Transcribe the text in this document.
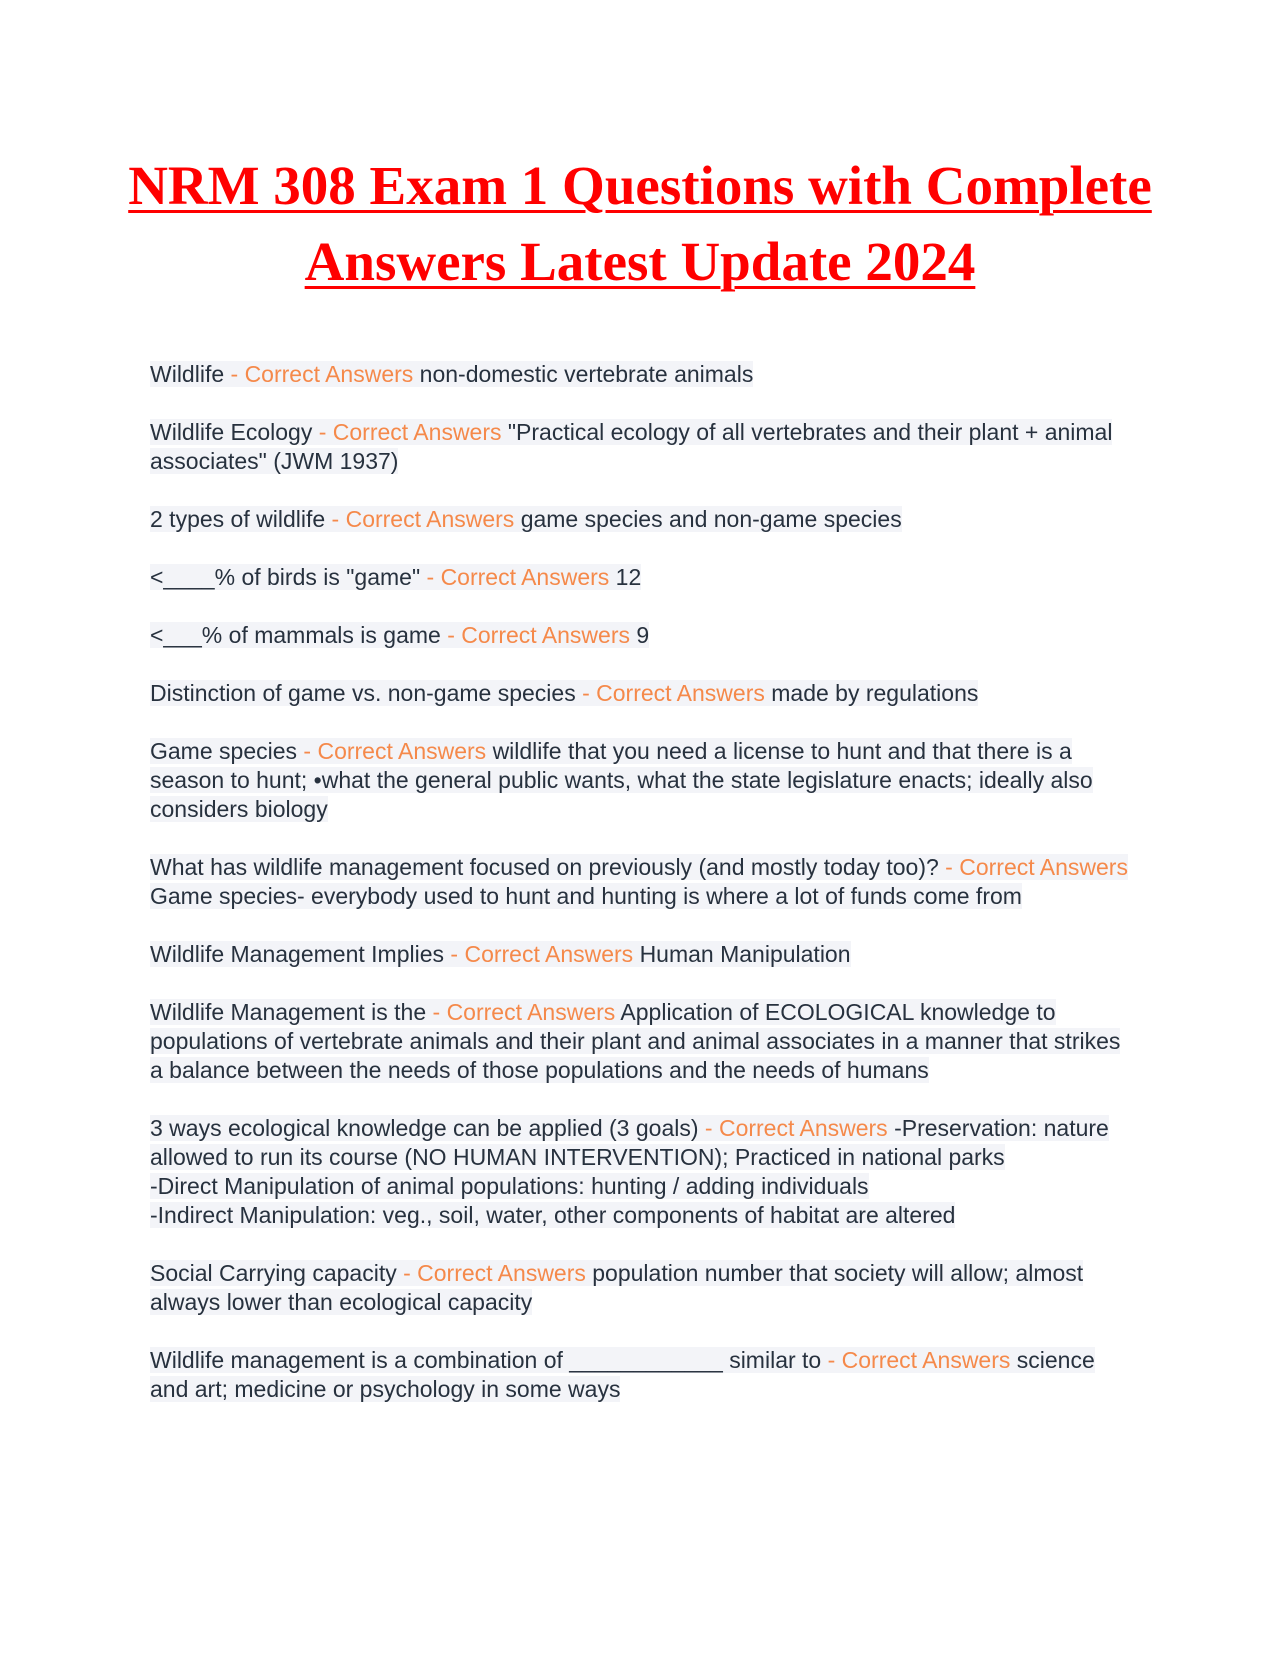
NRM 308 Exam 1 Questions with Complete Answers Latest Update 2024
Wildlife - Correct Answers non-domestic vertebrate animals
Wildlife Ecology - Correct Answers "Practical ecology of all vertebrates and their plant + animal associates" (JWM 1937)
2 types of wildlife - Correct Answers game species and non-game species
<____% of birds is "game" - Correct Answers 12
<___% of mammals is game - Correct Answers 9
Distinction of game vs. non-game species - Correct Answers made by regulations
Game species - Correct Answers wildlife that you need a license to hunt and that there is a season to hunt; •what the general public wants, what the state legislature enacts; ideally also considers biology
What has wildlife management focused on previously (and mostly today too)? - Correct Answers Game species- everybody used to hunt and hunting is where a lot of funds come from
Wildlife Management Implies - Correct Answers Human Manipulation
Wildlife Management is the - Correct Answers Application of ECOLOGICAL knowledge to populations of vertebrate animals and their plant and animal associates in a manner that strikes a balance between the needs of those populations and the needs of humans
3 ways ecological knowledge can be applied (3 goals) - Correct Answers -Preservation: nature allowed to run its course (NO HUMAN INTERVENTION); Practiced in national parks
-Direct Manipulation of animal populations: hunting / adding individuals
-Indirect Manipulation: veg., soil, water, other components of habitat are altered
Social Carrying capacity - Correct Answers population number that society will allow; almost always lower than ecological capacity
Wildlife management is a combination of ____________ similar to - Correct Answers science and art; medicine or psychology in some ways
